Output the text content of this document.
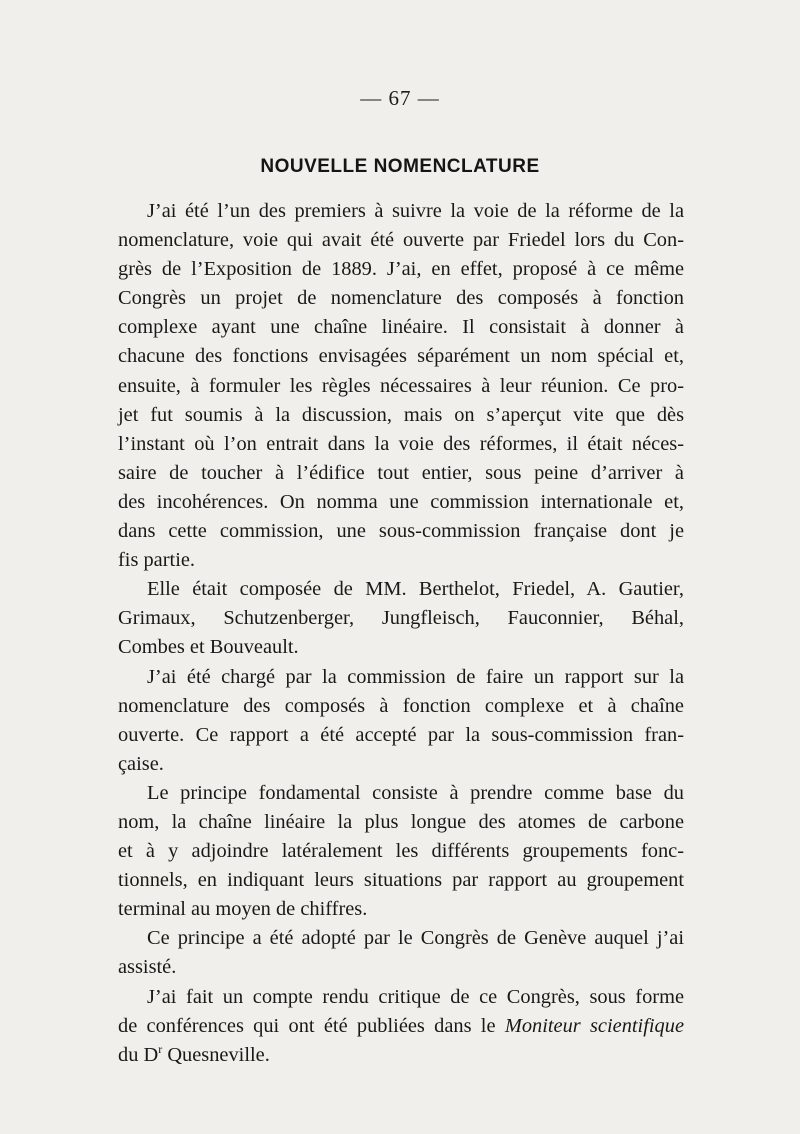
— 67 —
NOUVELLE NOMENCLATURE

J’ai été l’un des premiers à suivre la voie de la réforme de la
nomenclature, voie qui avait été ouverte par Friedel lors du Con-
grès de l’Exposition de 1889. J’ai, en effet, proposé à ce même
Congrès un projet de nomenclature des composés à fonction
complexe ayant une chaîne linéaire. Il consistait à donner à
chacune des fonctions envisagées séparément un nom spécial et,
ensuite, à formuler les règles nécessaires à leur réunion. Ce pro-
jet fut soumis à la discussion, mais on s’aperçut vite que dès
l’instant où l’on entrait dans la voie des réformes, il était néces-
saire de toucher à l’édifice tout entier, sous peine d’arriver à
des incohérences. On nomma une commission internationale et,
dans cette commission, une sous-commission française dont je
fis partie.

Elle était composée de MM. Berthelot, Friedel, A. Gautier,
Grimaux, Schutzenberger, Jungfleisch, Fauconnier, Béhal,
Combes et Bouveault.

J’ai été chargé par la commission de faire un rapport sur la
nomenclature des composés à fonction complexe et à chaîne
ouverte. Ce rapport a été accepté par la sous-commission fran-
çaise.

Le principe fondamental consiste à prendre comme base du
nom, la chaîne linéaire la plus longue des atomes de carbone
et à y adjoindre latéralement les différents groupements fonc-
tionnels, en indiquant leurs situations par rapport au groupement
terminal au moyen de chiffres.

Ce principe a été adopté par le Congrès de Genève auquel j’ai
assisté.

J’ai fait un compte rendu critique de ce Congrès, sous forme
de conférences qui ont été publiées dans le Moniteur scientifique
du $D^r$ Quesneville.
